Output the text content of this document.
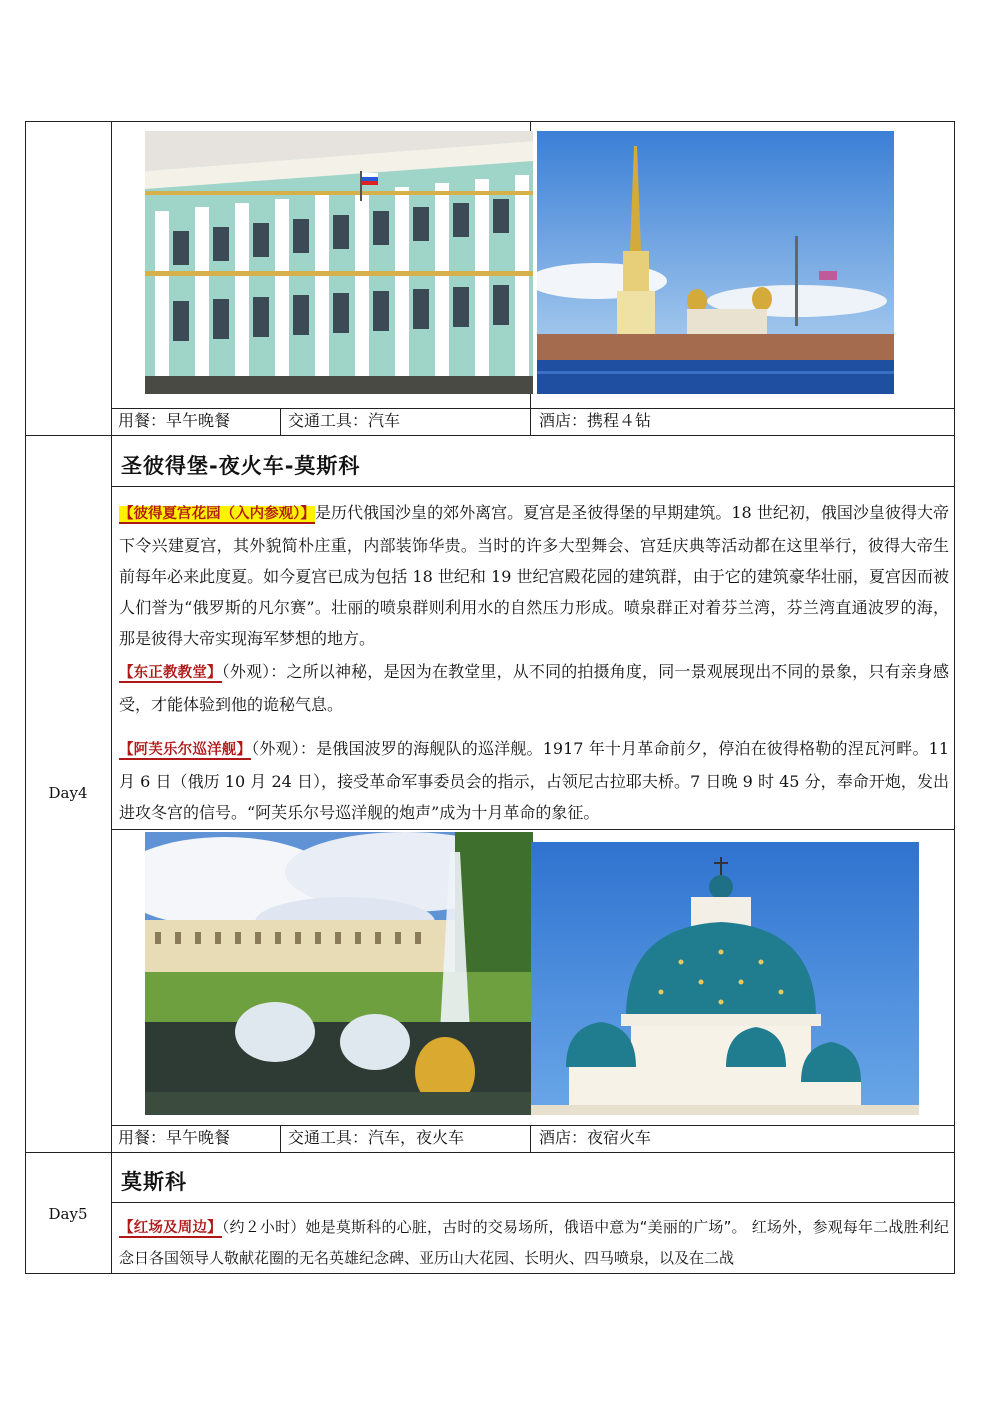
用餐：早午晚餐	交通工具：汽车	酒店：携程４钻
Day4
圣彼得堡-夜火车-莫斯科
【彼得夏宫花园（入内参观）】是历代俄国沙皇的郊外离宫。夏宫是圣彼得堡的早期建筑。18 世纪初，俄国沙皇彼得大帝下令兴建夏宫，其外貌简朴庄重，内部装饰华贵。当时的许多大型舞会、宫廷庆典等活动都在这里举行，彼得大帝生前每年必来此度夏。如今夏宫已成为包括 18 世纪和 19 世纪宫殿花园的建筑群，由于它的建筑豪华壮丽，夏宫因而被人们誉为“俄罗斯的凡尔赛”。壮丽的喷泉群则利用水的自然压力形成。喷泉群正对着芬兰湾，芬兰湾直通波罗的海，那是彼得大帝实现海军梦想的地方。
【东正教教堂】（外观）：之所以神秘，是因为在教堂里，从不同的拍摄角度，同一景观展现出不同的景象，只有亲身感受，才能体验到他的诡秘气息。
【阿芙乐尔巡洋舰】（外观）：是俄国波罗的海舰队的巡洋舰。1917 年十月革命前夕，停泊在彼得格勒的涅瓦河畔。11 月 6 日（俄历 10 月 24 日），接受革命军事委员会的指示，占领尼古拉耶夫桥。7 日晚 9 时 45 分，奉命开炮，发出进攻冬宫的信号。“阿芙乐尔号巡洋舰的炮声”成为十月革命的象征。
用餐：早午晚餐	交通工具：汽车，夜火车	酒店：夜宿火车
Day5
莫斯科
【红场及周边】（约２小时）她是莫斯科的心脏，古时的交易场所，俄语中意为“美丽的广场”。 红场外，参观每年二战胜利纪念日各国领导人敬献花圈的无名英雄纪念碑、亚历山大花园、长明火、四马喷泉，以及在二战
